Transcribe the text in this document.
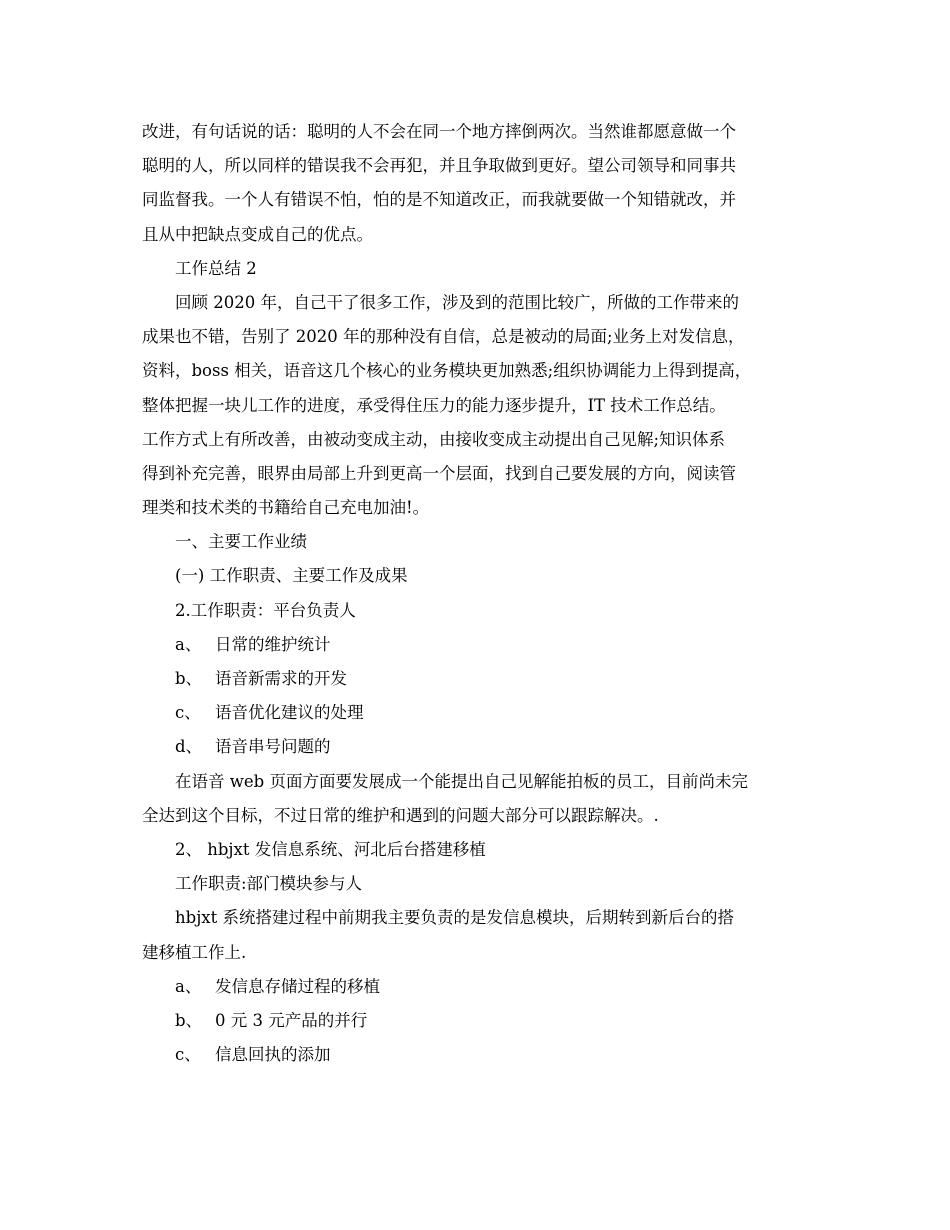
改进，有句话说的话：聪明的人不会在同一个地方摔倒两次。当然谁都愿意做一个
聪明的人，所以同样的错误我不会再犯，并且争取做到更好。望公司领导和同事共
同监督我。一个人有错误不怕，怕的是不知道改正，而我就要做一个知错就改，并
且从中把缺点变成自己的优点。
工作总结 2
回顾 2020 年，自己干了很多工作，涉及到的范围比较广，所做的工作带来的
成果也不错，告别了 2020 年的那种没有自信，总是被动的局面;业务上对发信息，
资料，boss 相关，语音这几个核心的业务模块更加熟悉;组织协调能力上得到提高，
整体把握一块儿工作的进度，承受得住压力的能力逐步提升，IT 技术工作总结。
工作方式上有所改善，由被动变成主动，由接收变成主动提出自己见解;知识体系
得到补充完善，眼界由局部上升到更高一个层面，找到自己要发展的方向，阅读管
理类和技术类的书籍给自己充电加油!。
一、主要工作业绩
(一) 工作职责、主要工作及成果
2.工作职责：平台负责人
a、 日常的维护统计
b、 语音新需求的开发
c、 语音优化建议的处理
d、 语音串号问题的
在语音 web 页面方面要发展成一个能提出自己见解能拍板的员工，目前尚未完
全达到这个目标，不过日常的维护和遇到的问题大部分可以跟踪解决。.
2、 hbjxt 发信息系统、河北后台搭建移植
工作职责:部门模块参与人
hbjxt 系统搭建过程中前期我主要负责的是发信息模块，后期转到新后台的搭
建移植工作上.
a、 发信息存储过程的移植
b、 0 元 3 元产品的并行
c、 信息回执的添加
